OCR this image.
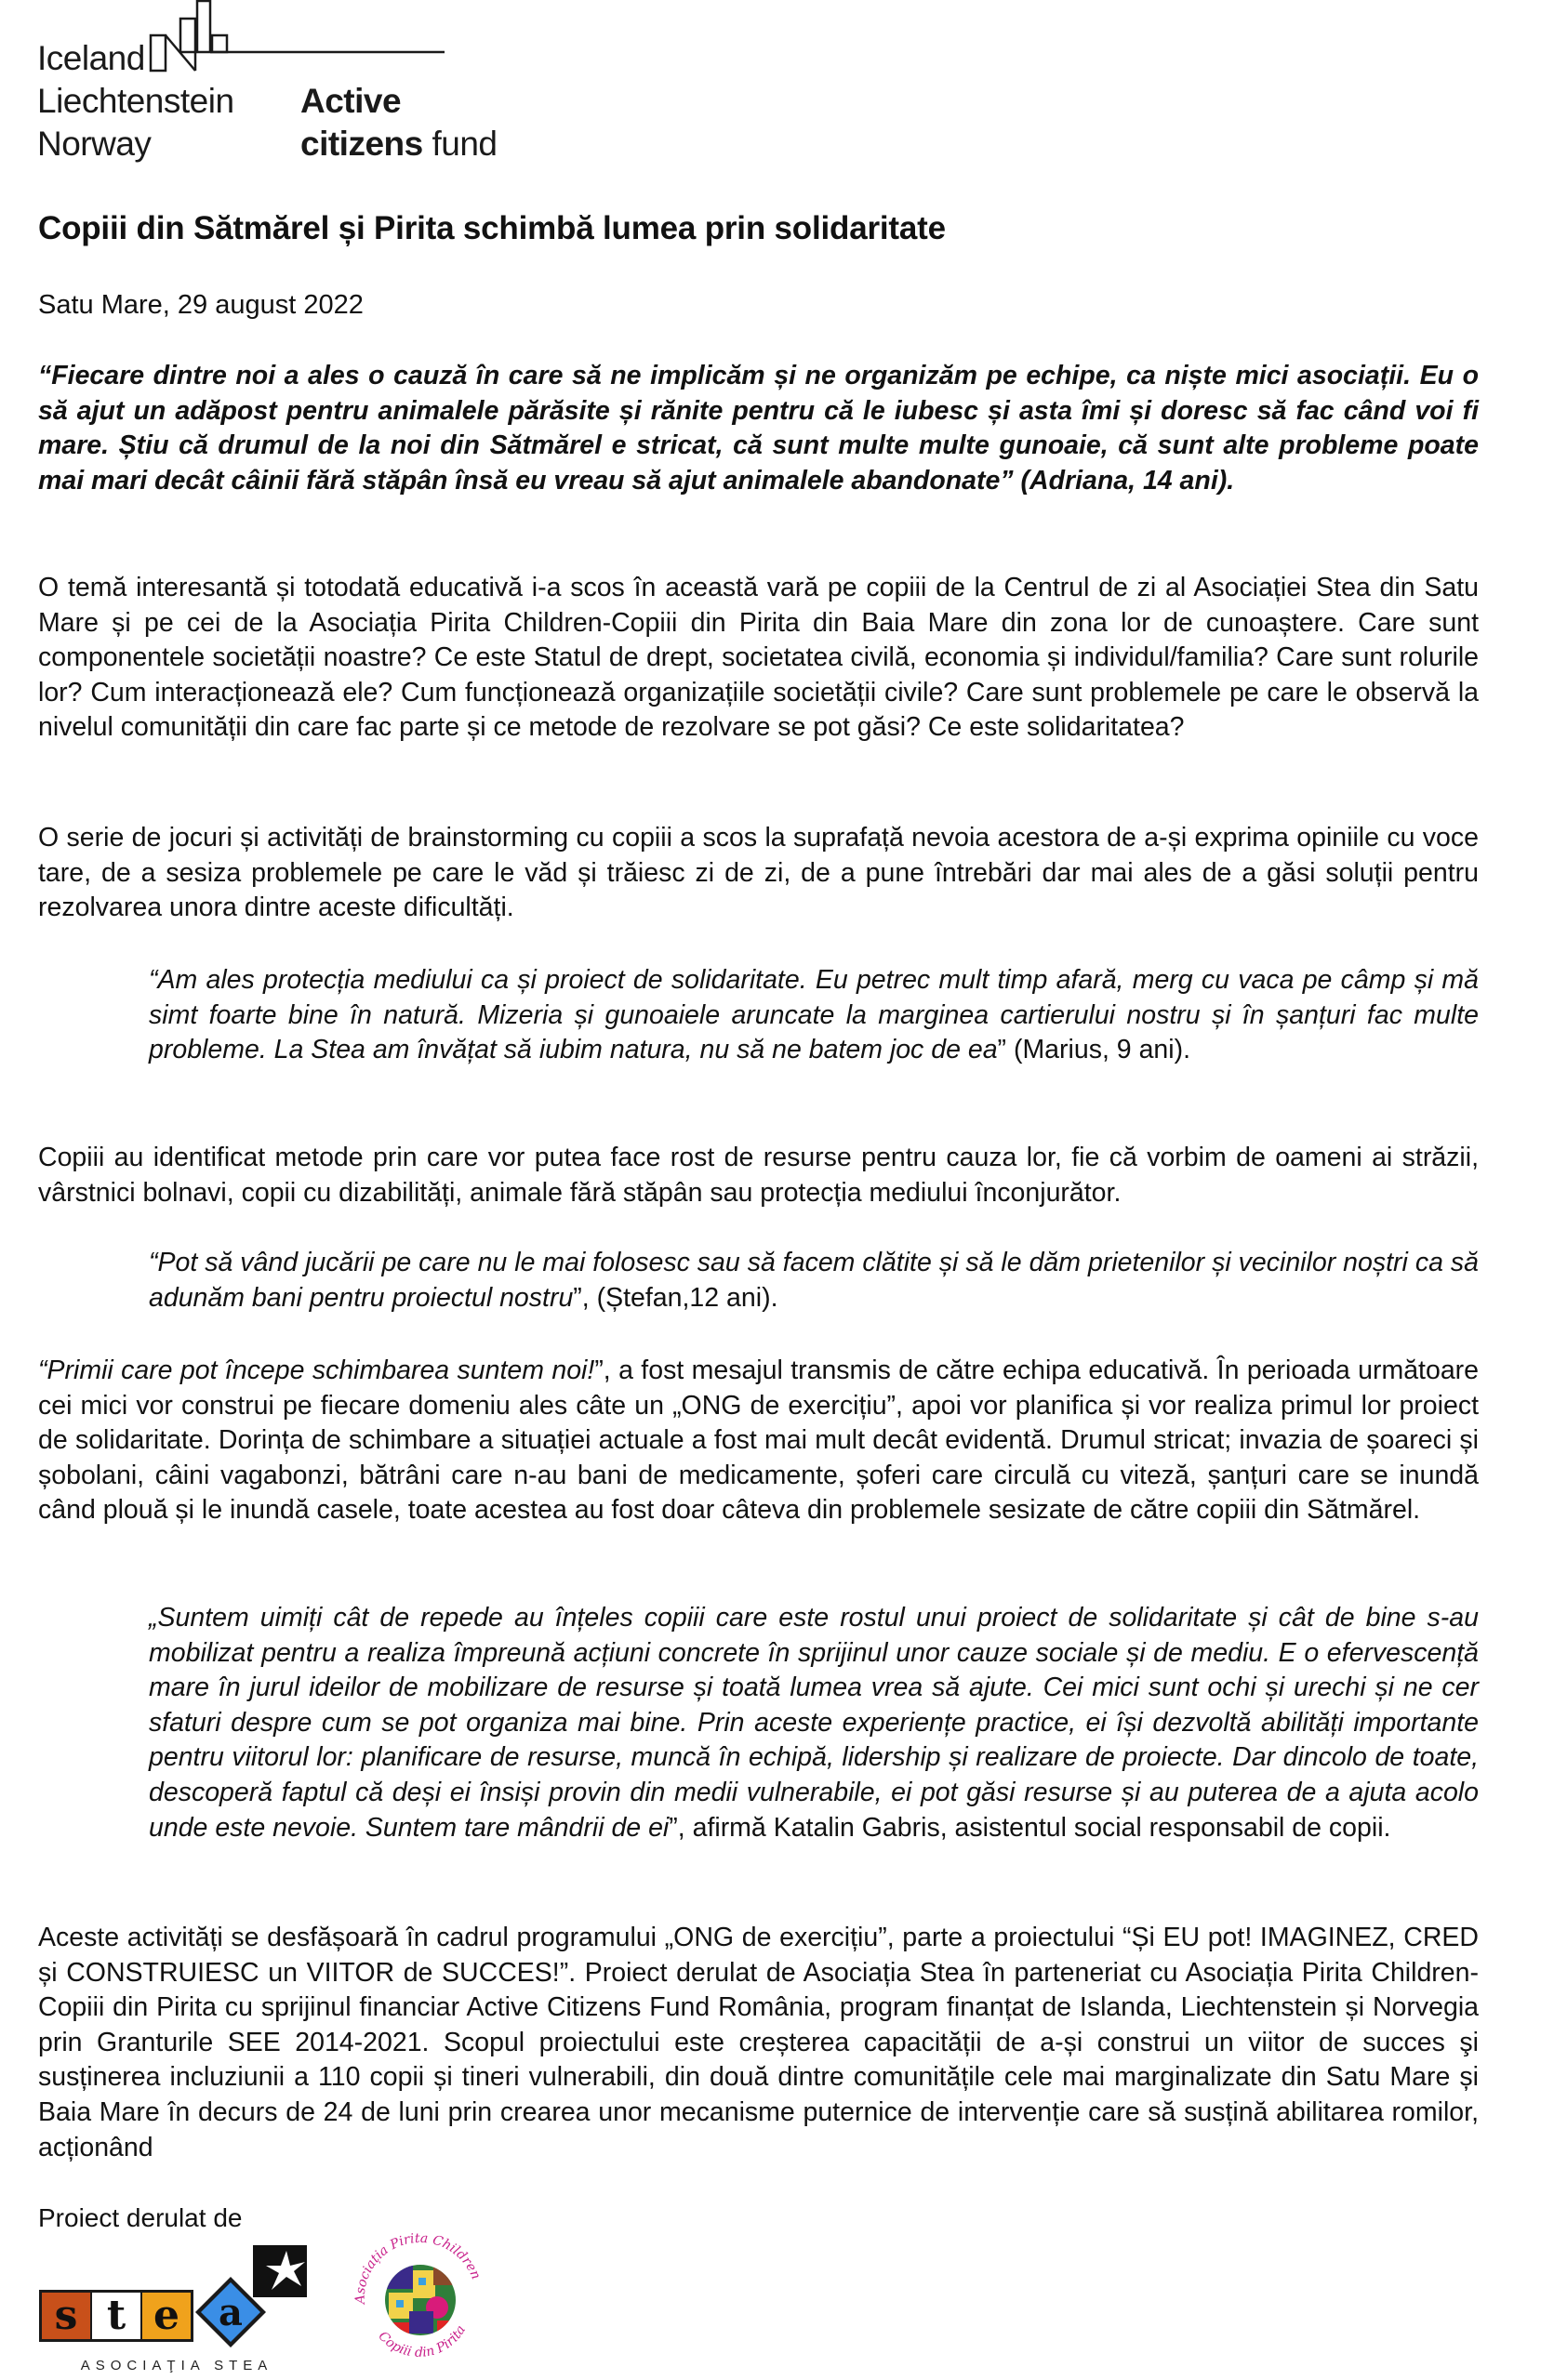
Iceland
Liechtenstein
Norway
Active
citizens fund
Copiii din Sătmărel și Pirita schimbă lumea prin solidaritate
Satu Mare, 29 august 2022

“Fiecare dintre noi a ales o cauză în care să ne implicăm și ne organizăm pe echipe, ca niște mici asociații. Eu o să ajut un adăpost pentru animalele părăsite și rănite pentru că le iubesc și asta îmi și doresc să fac când voi fi mare. Știu că drumul de la noi din Sătmărel e stricat, că sunt multe multe gunoaie, că sunt alte probleme poate mai mari decât câinii fără stăpân însă eu vreau să ajut animalele abandonate” (Adriana, 14 ani).

O temă interesantă și totodată educativă i-a scos în această vară pe copiii de la Centrul de zi al Asociației Stea din Satu Mare și pe cei de la Asociația Pirita Children-Copiii din Pirita din Baia Mare din zona lor de cunoaștere. Care sunt componentele societății noastre? Ce este Statul de drept, societatea civilă, economia și individul/familia? Care sunt rolurile lor? Cum interacționează ele? Cum funcționează organizațiile societății civile? Care sunt problemele pe care le observă la nivelul comunității din care fac parte și ce metode de rezolvare se pot găsi? Ce este solidaritatea?

O serie de jocuri și activități de brainstorming cu copiii a scos la suprafață nevoia acestora de a-și exprima opiniile cu voce tare, de a sesiza problemele pe care le văd și trăiesc zi de zi, de a pune întrebări dar mai ales de a găsi soluții pentru rezolvarea unora dintre aceste dificultăți.

“Am ales protecția mediului ca și proiect de solidaritate. Eu petrec mult timp afară, merg cu vaca pe câmp și mă simt foarte bine în natură. Mizeria și gunoaiele aruncate la marginea cartierului nostru și în șanțuri fac multe probleme. La Stea am învățat să iubim natura, nu să ne batem joc de ea” (Marius, 9 ani).

Copiii au identificat metode prin care vor putea face rost de resurse pentru cauza lor, fie că vorbim de oameni ai străzii, vârstnici bolnavi, copii cu dizabilități, animale fără stăpân sau protecția mediului înconjurător.

“Pot să vând jucării pe care nu le mai folosesc sau să facem clătite și să le dăm prietenilor și vecinilor noștri ca să adunăm bani pentru proiectul nostru”, (Ștefan,12 ani).

“Primii care pot începe schimbarea suntem noi!”, a fost mesajul transmis de către echipa educativă. În perioada următoare cei mici vor construi pe fiecare domeniu ales câte un „ONG de exercițiu”, apoi vor planifica și vor realiza primul lor proiect de solidaritate. Dorința de schimbare a situației actuale a fost mai mult decât evidentă. Drumul stricat; invazia de șoareci și șobolani, câini vagabonzi, bătrâni care n-au bani de medicamente, șoferi care circulă cu viteză, șanțuri care se inundă când plouă și le inundă casele, toate acestea au fost doar câteva din problemele sesizate de către copiii din Sătmărel.

„Suntem uimiți cât de repede au înțeles copiii care este rostul unui proiect de solidaritate și cât de bine s-au mobilizat pentru a realiza împreună acțiuni concrete în sprijinul unor cauze sociale și de mediu. E o efervescență mare în jurul ideilor de mobilizare de resurse și toată lumea vrea să ajute. Cei mici sunt ochi și urechi și ne cer sfaturi despre cum se pot organiza mai bine. Prin aceste experiențe practice, ei își dezvoltă abilități importante pentru viitorul lor: planificare de resurse, muncă în echipă, lidership și realizare de proiecte. Dar dincolo de toate, descoperă faptul că deși ei însiși provin din medii vulnerabile, ei pot găsi resurse și au puterea de a ajuta acolo unde este nevoie. Suntem tare mândrii de ei”, afirmă Katalin Gabris, asistentul social responsabil de copii.

Aceste activități se desfășoară în cadrul programului „ONG de exercițiu”, parte a proiectului “Și EU pot! IMAGINEZ, CRED și CONSTRUIESC un VIITOR de SUCCES!”. Proiect derulat de Asociația Stea în parteneriat cu Asociația Pirita Children-Copiii din Pirita cu sprijinul financiar Active Citizens Fund România, program finanțat de Islanda, Liechtenstein și Norvegia prin Granturile SEE 2014-2021. Scopul proiectului este creșterea capacității de a-și construi un viitor de succes şi susținerea incluziunii a 110 copii și tineri vulnerabili, din două dintre comunitățile cele mai marginalizate din Satu Mare și Baia Mare în decurs de 24 de luni prin crearea unor mecanisme puternice de intervenție care să susțină abilitarea romilor, acționând

Proiect derulat de
s t e a
ASOCIAŢIA STEA
Asociația Pirita Children
Copiii din Pirita
